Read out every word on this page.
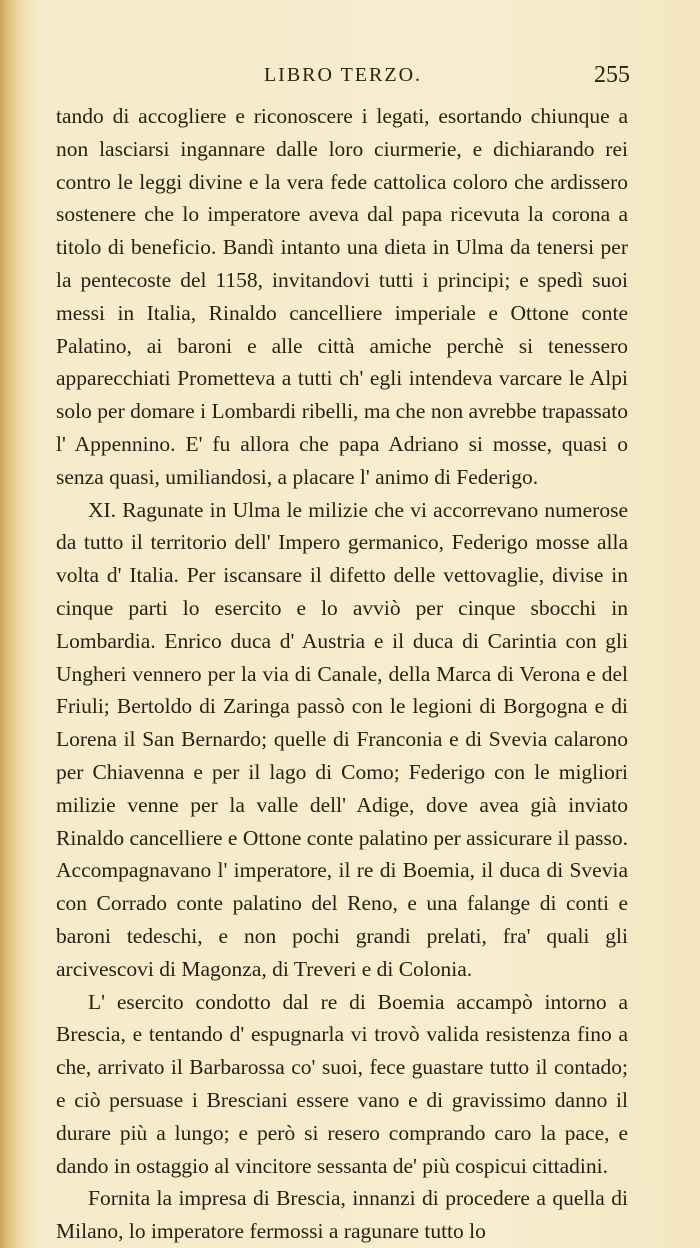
LIBRO TERZO.	255

tando di accogliere e riconoscere i legati, esortando chiunque a non lasciarsi ingannare dalle loro ciurmerie, e dichiarando rei contro le leggi divine e la vera fede cattolica coloro che ardissero sostenere che lo imperatore aveva dal papa ricevuta la corona a titolo di beneficio. Bandì intanto una dieta in Ulma da tenersi per la pentecoste del 1158, invitandovi tutti i principi; e spedì suoi messi in Italia, Rinaldo cancelliere imperiale e Ottone conte Palatino, ai baroni e alle città amiche perchè si tenessero apparecchiati Prometteva a tutti ch' egli intendeva varcare le Alpi solo per domare i Lombardi ribelli, ma che non avrebbe trapassato l' Appennino. E' fu allora che papa Adriano si mosse, quasi o senza quasi, umiliandosi, a placare l' animo di Federigo.

XI. Ragunate in Ulma le milizie che vi accorrevano numerose da tutto il territorio dell' Impero germanico, Federigo mosse alla volta d' Italia. Per iscansare il difetto delle vettovaglie, divise in cinque parti lo esercito e lo avviò per cinque sbocchi in Lombardia. Enrico duca d' Austria e il duca di Carintia con gli Ungheri vennero per la via di Canale, della Marca di Verona e del Friuli; Bertoldo di Zaringa passò con le legioni di Borgogna e di Lorena il San Bernardo; quelle di Franconia e di Svevia calarono per Chiavenna e per il lago di Como; Federigo con le migliori milizie venne per la valle dell' Adige, dove avea già inviato Rinaldo cancelliere e Ottone conte palatino per assicurare il passo. Accompagnavano l' imperatore, il re di Boemia, il duca di Svevia con Corrado conte palatino del Reno, e una falange di conti e baroni tedeschi, e non pochi grandi prelati, fra' quali gli arcivescovi di Magonza, di Treveri e di Colonia.

L' esercito condotto dal re di Boemia accampò intorno a Brescia, e tentando d' espugnarla vi trovò valida resistenza fino a che, arrivato il Barbarossa co' suoi, fece guastare tutto il contado; e ciò persuase i Bresciani essere vano e di gravissimo danno il durare più a lungo; e però si resero comprando caro la pace, e dando in ostaggio al vincitore sessanta de' più cospicui cittadini.

Fornita la impresa di Brescia, innanzi di procedere a quella di Milano, lo imperatore fermossi a ragunare tutto lo
